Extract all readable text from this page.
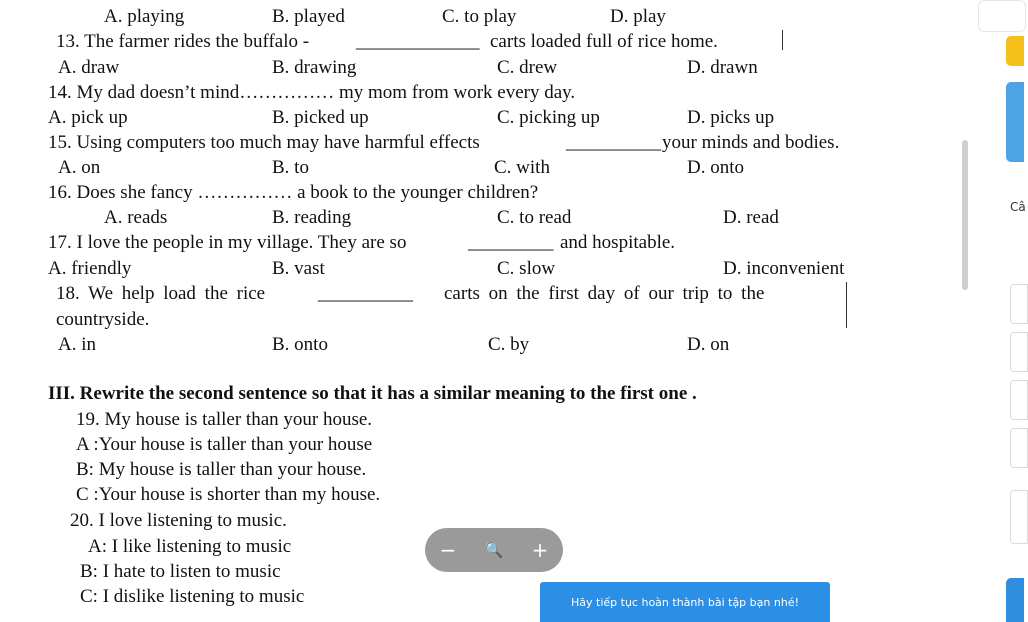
A. playing	B. played	C. to play	D. play
13. The farmer rides the buffalo - _____________ carts loaded full of rice home.
A. draw	B. drawing	C. drew	D. drawn
14. My dad doesn’t mind…………… my mom from work every day.
A. pick up	B. picked up	C. picking up	D. picks up
15. Using computers too much may have harmful effects	__________ your minds and bodies.
A. on	B. to	C. with	D. onto
16. Does she fancy …………… a book to the younger children?
A. reads	B. reading	C. to read	D. read
17. I love the people in my village. They are so	_________ and hospitable.
A. friendly	B. vast	C. slow	D. inconvenient
18. We help load the rice	__________ carts on the first day of our trip to the
countryside.
A. in	B. onto	C. by	D. on
III. Rewrite the second sentence so that it has a similar meaning to the first one .
19. My house is taller than your house.
A :Your house is taller than your house
B: My house is taller than your house.
C :Your house is shorter than my house.
20. I love listening to music.
A: I like listening to music
B: I hate to listen to music
C: I dislike listening to music
Câ
−	🔍	+
Hãy tiếp tục hoàn thành bài tập bạn nhé!
